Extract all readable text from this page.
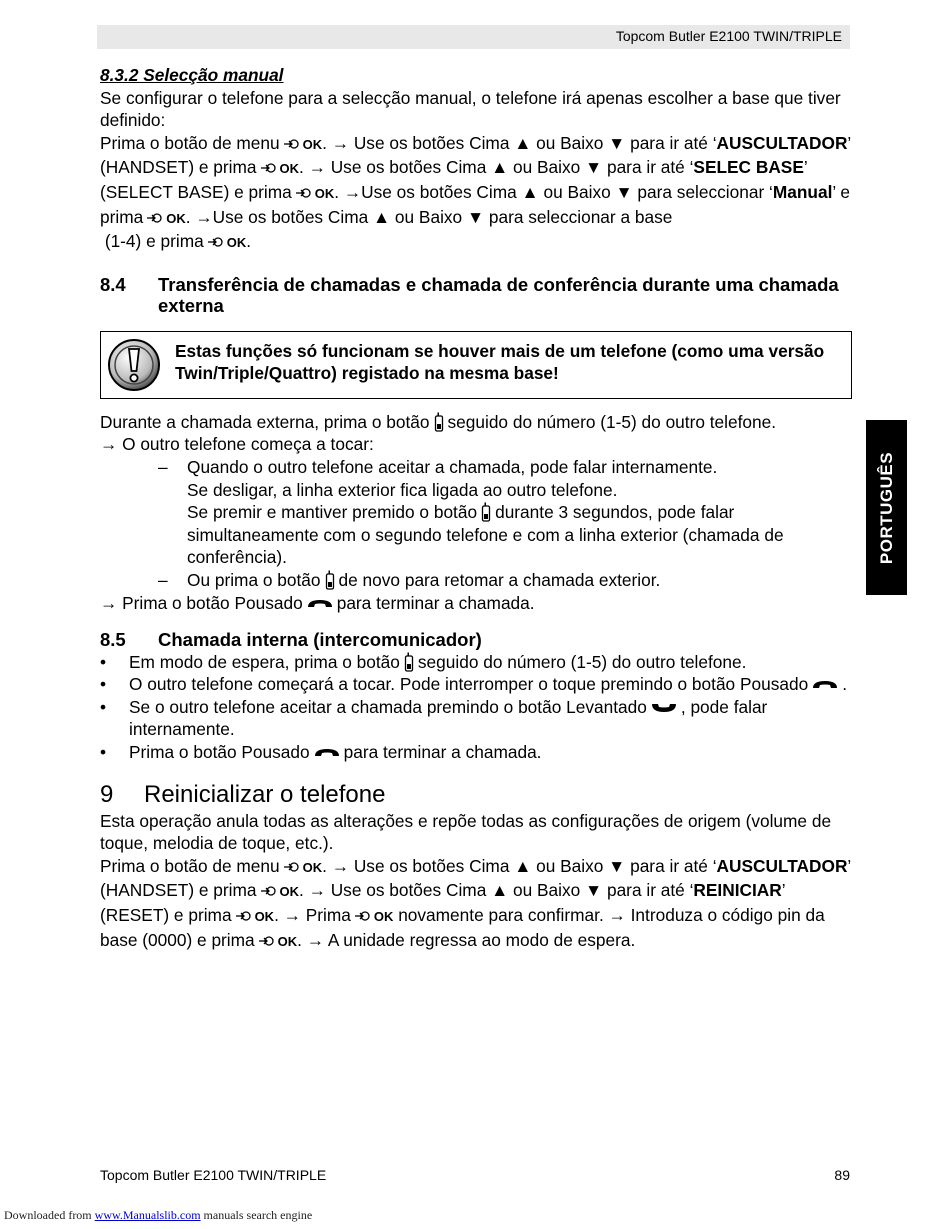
Topcom Butler E2100 TWIN/TRIPLE

8.3.2 Selecção manual

Se configurar o telefone para a selecção manual, o telefone irá apenas escolher a base que tiver definido:

Prima o botão de menu OK. → Use os botões Cima ▲ ou Baixo ▼ para ir até ‘AUSCULTADOR’ (HANDSET) e prima OK. → Use os botões Cima ▲ ou Baixo ▼ para ir até ‘SELEC BASE’ (SELECT BASE) e prima OK. →Use os botões Cima ▲ ou Baixo ▼ para seleccionar ‘Manual’ e prima OK. →Use os botões Cima ▲ ou Baixo ▼ para seleccionar a base

(1-4) e prima OK.

8.4	Transferência de chamadas e chamada de conferência durante uma chamada externa
Estas funções só funcionam se houver mais de um telefone (como uma versão Twin/Triple/Quattro) registado na mesma base!

Durante a chamada externa, prima o botão seguido do número (1-5) do outro telefone.

→ O outro telefone começa a tocar:

– Quando o outro telefone aceitar a chamada, pode falar internamente.
Se desligar, a linha exterior fica ligada ao outro telefone.
Se premir e mantiver premido o botão durante 3 segundos, pode falar simultaneamente com o segundo telefone e com a linha exterior (chamada de conferência).
– Ou prima o botão de novo para retomar a chamada exterior.

→ Prima o botão Pousado para terminar a chamada.

8.5	Chamada interna (intercomunicador)
• Em modo de espera, prima o botão seguido do número (1-5) do outro telefone.
• O outro telefone começará a tocar. Pode interromper o toque premindo o botão Pousado .
• Se o outro telefone aceitar a chamada premindo o botão Levantado , pode falar internamente.
• Prima o botão Pousado para terminar a chamada.
9	Reinicializar o telefone

Esta operação anula todas as alterações e repõe todas as configurações de origem (volume de toque, melodia de toque, etc.).

Prima o botão de menu OK. → Use os botões Cima ▲ ou Baixo ▼ para ir até ‘AUSCULTADOR’ (HANDSET) e prima OK. → Use os botões Cima ▲ ou Baixo ▼ para ir até ‘REINICIAR’ (RESET) e prima OK. → Prima OK novamente para confirmar. → Introduza o código pin da base (0000) e prima OK. → A unidade regressa ao modo de espera.

PORTUGUÊS
Topcom Butler E2100 TWIN/TRIPLE	89
Downloaded from www.Manualslib.com manuals search engine
